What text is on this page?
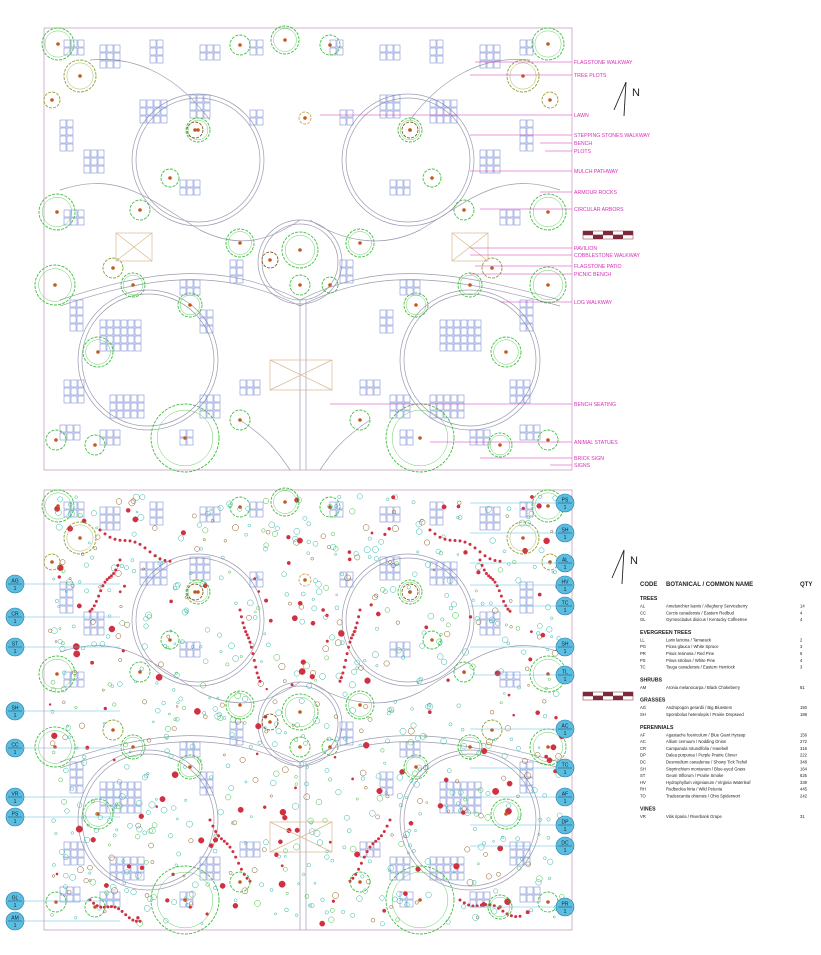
FLAGSTONE WALKWAY
TREE PLOTS
LAWN
STEPPING STONES WALKWAY
BENCH
PLOTS
MULCH PATHWAY
ARMOUR ROCKS
CIRCULAR ARBORS
PAVILION
COBBLESTONE WALKWAY
FLAGSTONE PATIO
PICNIC BENCH
LOG WALKWAY
BENCH SEATING
ANIMAL STATUES
BRICK SIGN
SIGNS
N
AG
1
CR
1
ST
1
SH
1
CC
1
VR
1
PS
1
GL
1
AM
1
PS
1
SH
1
AL
1
HV
1
TC
1
SH
1
TL
1
AC
1
TC
1
AF
1
DP
1
DC
1
PR
1
N
CODE BOTANICAL / COMMON NAME	QTY
TREES
AL	Amelanchier laevis / Allegheny Serviceberry	14
CC	Cercis canadensis / Eastern Redbud	4
GL	Gymnocladus dioicus / Kentucky Coffeetree	4
EVERGREEN TREES
LL	Larix laricina / Tamarack	2
PG	Picea glauca / White Spruce	3
PR	Pinus resinosa / Red Pine	6
PS	Pinus strobus / White Pine	4
TC	Tsuga canadensis / Eastern Hemlock	3
SHRUBS
AM	Aronia melanocarpa / Black Chokeberry	81
GRASSES
AG	Andropogon gerardii / Big Bluestem	150
SH	Sporobolus heterolepis / Prairie Dropseed	188
PERENNIALS
AF	Agastache foeniculum / Blue Giant Hyssop	156
AC	Allium cernuum / Nodding Onion	272
CR	Campanula rotundifolia / Harebell	316
DP	Dalea purpurea / Purple Prairie Clover	222
DC	Desmodium canadense / Showy Tick Trefoil	348
SH	Sisyrinchium montanum / Blue-eyed Grass	164
ST	Geum triflorum / Prairie Smoke	625
HV	Hydrophyllum virginianum / Virginia Waterleaf	339
RH	Rudbeckia hirta / Wild Petunia	445
TO	Tradescantia ohiensis / Ohio Spiderwort	242
VINES
VR	Vitis riparia / Riverbank Grape	31
